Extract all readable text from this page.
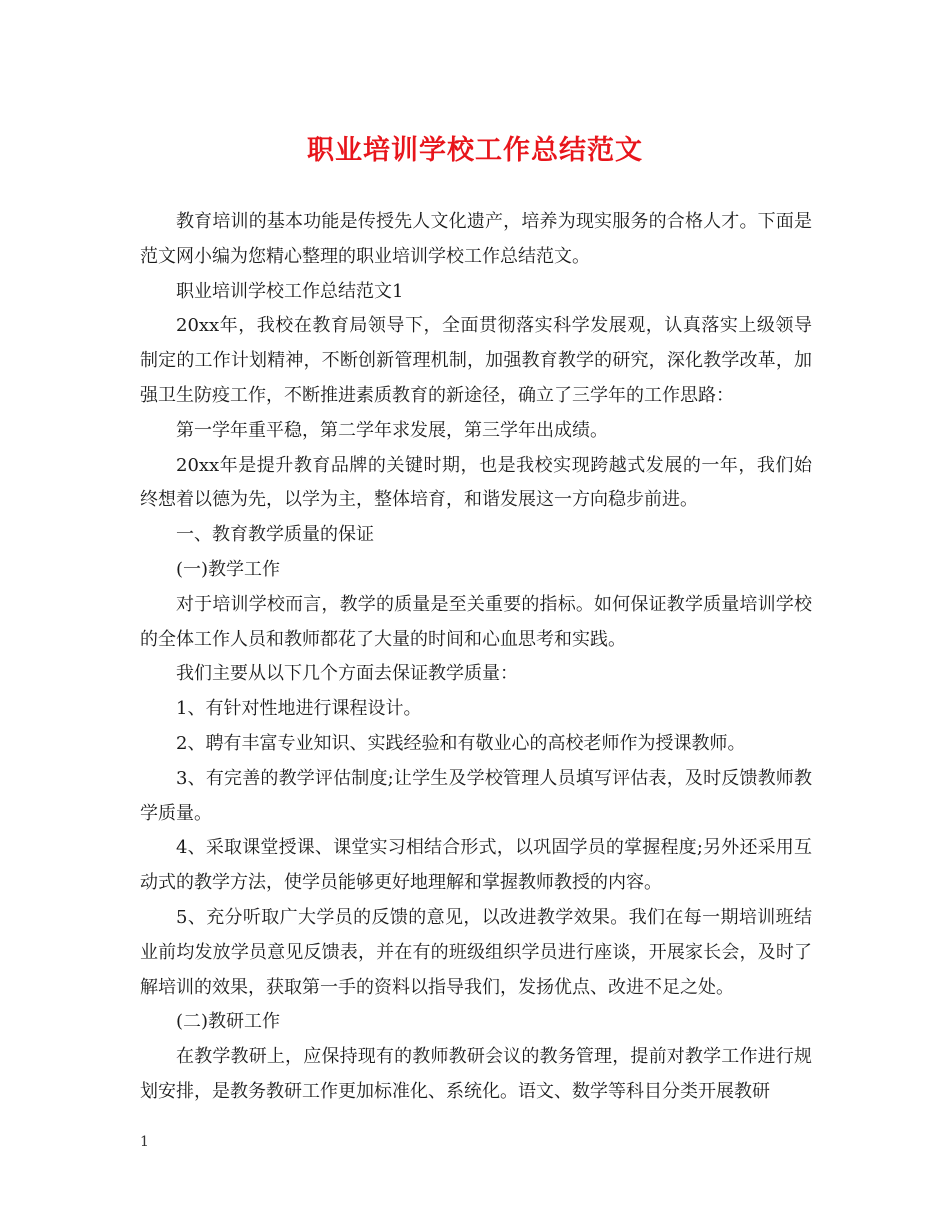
职业培训学校工作总结范文

教育培训的基本功能是传授先人文化遗产，培养为现实服务的合格人才。下面是范文网小编为您精心整理的职业培训学校工作总结范文。

职业培训学校工作总结范文1

20xx年，我校在教育局领导下，全面贯彻落实科学发展观，认真落实上级领导制定的工作计划精神，不断创新管理机制，加强教育教学的研究，深化教学改革，加强卫生防疫工作，不断推进素质教育的新途径，确立了三学年的工作思路：

第一学年重平稳，第二学年求发展，第三学年出成绩。

20xx年是提升教育品牌的关键时期，也是我校实现跨越式发展的一年，我们始终想着以德为先，以学为主，整体培育，和谐发展这一方向稳步前进。

一、教育教学质量的保证

(一)教学工作

对于培训学校而言，教学的质量是至关重要的指标。如何保证教学质量培训学校的全体工作人员和教师都花了大量的时间和心血思考和实践。

我们主要从以下几个方面去保证教学质量：

1、有针对性地进行课程设计。

2、聘有丰富专业知识、实践经验和有敬业心的高校老师作为授课教师。

3、有完善的教学评估制度;让学生及学校管理人员填写评估表，及时反馈教师教学质量。

4、采取课堂授课、课堂实习相结合形式，以巩固学员的掌握程度;另外还采用互动式的教学方法，使学员能够更好地理解和掌握教师教授的内容。

5、充分听取广大学员的反馈的意见，以改进教学效果。我们在每一期培训班结业前均发放学员意见反馈表，并在有的班级组织学员进行座谈，开展家长会，及时了解培训的效果，获取第一手的资料以指导我们，发扬优点、改进不足之处。

(二)教研工作

在教学教研上，应保持现有的教师教研会议的教务管理，提前对教学工作进行规划安排，是教务教研工作更加标准化、系统化。语文、数学等科目分类开展教研

1
